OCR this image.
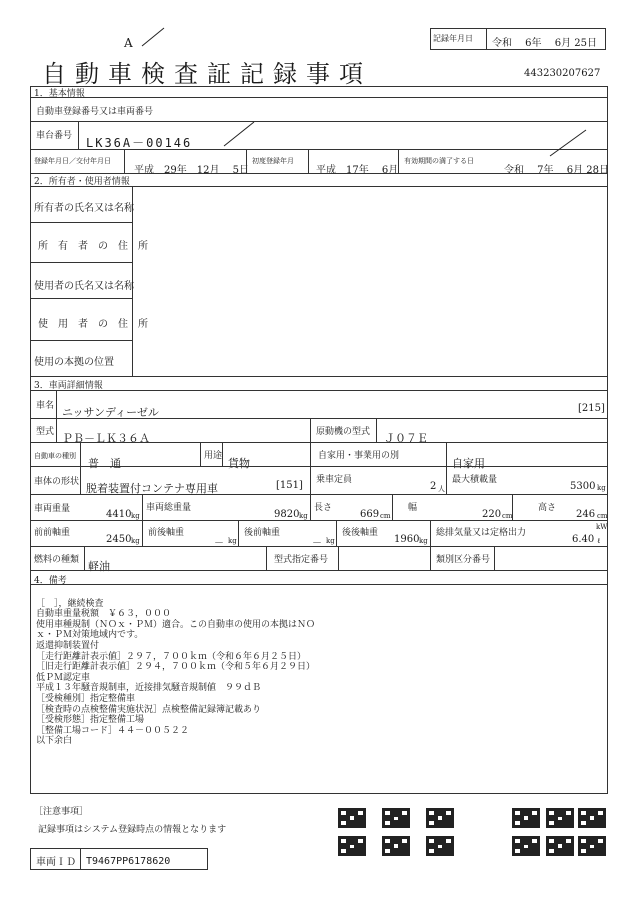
A	記録年月日 令和　 6年 　6月 25日
自動車検査証記録事項	443230207627
1．基本情報
自動車登録番号又は車両番号
車台番号 LK36A－00146
登録年月日／交付年月日
平成　29年　12月　 5日
初度登録年月
平成　17年　 6月
有効期間の満了する日
令和　 7年　 6月 28日
2．所有者・使用者情報
所有者の氏名又は名称
所　有　者　の　住　所
使用者の氏名又は名称
使　用　者　の　住　所
使用の本拠の位置
3．車両詳細情報
車名 ニッサンディーゼル	[215]
型式 ＰＢ－ＬＫ３６Ａ	原動機の型式 Ｊ０７Ｅ
自動車の種別
普　通
用途
貨物
自家用・事業用の別
自家用
車体の形状 脱着装置付コンテナ専用車	[151] 乗車定員
2 人
最大積載量
5300 kg
車両重量	4410 kg
車両総重量
9820 kg
長さ
669 cm
幅
220 cm
高さ
246 cm
前前軸重
2450 kg
前後軸重
－ kg
後前軸重
－ kg
後後軸重
1960 kg
総排気量又は定格出力
kW
6.40 ℓ
燃料の種類 軽油	型式指定番号	類別区分番号
4．備考

［　］，継続検査
自動車重量税額　￥６３，０００
使用車種規制（ＮＯｘ・ＰＭ）適合。この自動車の使用の本拠はＮＯ
ｘ・ＰＭ対策地域内です。
返還抑制装置付
［走行距離計表示値］２９７，７００ｋｍ（令和６年６月２５日）
［旧走行距離計表示値］２９４，７００ｋｍ（令和５年６月２９日）
低ＰＭ認定車
平成１３年騒音規制車，近接排気騒音規制値　９９ｄＢ
［受検種別］指定整備車
［検査時の点検整備実施状況］点検整備記録簿記載あり
［受検形態］指定整備工場
［整備工場コード］４４－００５２２
以下余白

［注意事項］
記録事項はシステム登録時点の情報となります
車両ＩＤ T9467PP6178620
